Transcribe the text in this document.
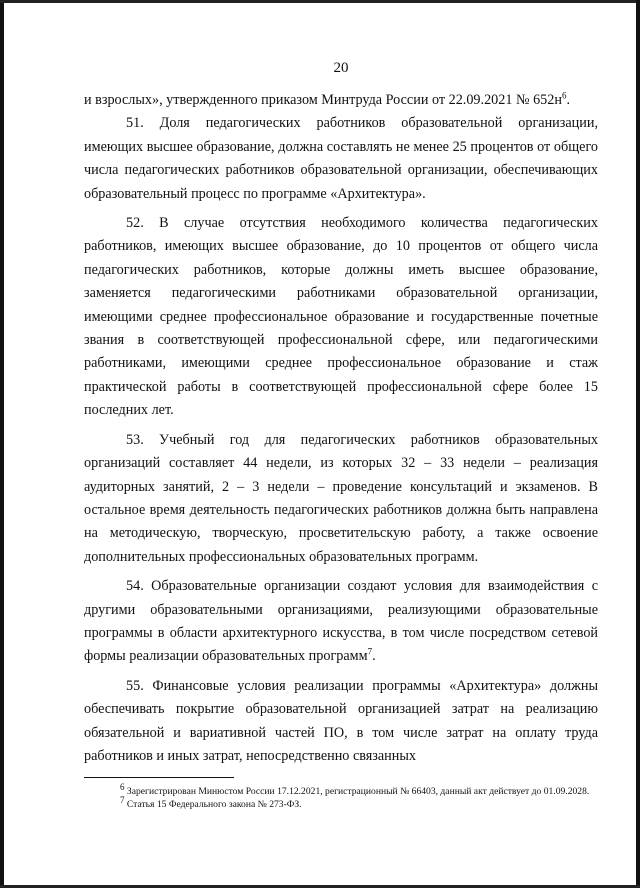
20

и взрослых», утвержденного приказом Минтруда России от 22.09.2021 № $652н^6$.

51. Доля педагогических работников образовательной организации, имеющих высшее образование, должна составлять не менее 25 процентов от общего числа педагогических работников образовательной организации, обеспечивающих образовательный процесс по программе «Архитектура».

52. В случае отсутствия необходимого количества педагогических работников, имеющих высшее образование, до 10 процентов от общего числа педагогических работников, которые должны иметь высшее образование, заменяется педагогическими работниками образовательной организации, имеющими среднее профессиональное образование и государственные почетные звания в соответствующей профессиональной сфере, или педагогическими работниками, имеющими среднее профессиональное образование и стаж практической работы в соответствующей профессиональной сфере более 15 последних лет.

53. Учебный год для педагогических работников образовательных организаций составляет 44 недели, из которых 32 – 33 недели – реализация аудиторных занятий, 2 – 3 недели – проведение консультаций и экзаменов. В остальное время деятельность педагогических работников должна быть направлена на методическую, творческую, просветительскую работу, а также освоение дополнительных профессиональных образовательных программ.

54. Образовательные организации создают условия для взаимодействия с другими образовательными организациями, реализующими образовательные программы в области архитектурного искусства, в том числе посредством сетевой формы реализации образовательных программ$^7$.

55. Финансовые условия реализации программы «Архитектура» должны обеспечивать покрытие образовательной организацией затрат на реализацию обязательной и вариативной частей ПО, в том числе затрат на оплату труда работников и иных затрат, непосредственно связанных

$^6$ Зарегистрирован Минюстом России 17.12.2021, регистрационный № 66403, данный акт действует до 01.09.2028.

$^7$ Статья 15 Федерального закона № 273-ФЗ.
